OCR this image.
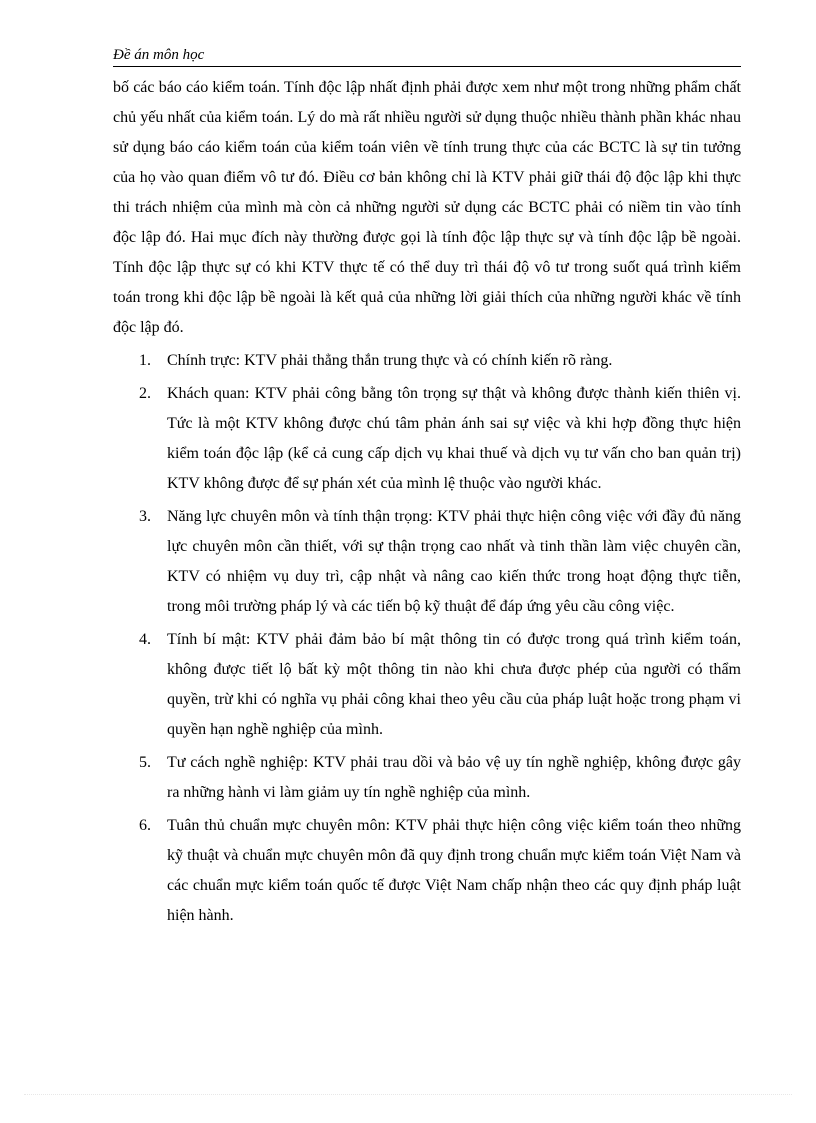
Đề án môn học

bố các báo cáo kiểm toán. Tính độc lập nhất định phải được xem như một trong những phẩm chất chủ yếu nhất của kiểm toán. Lý do mà rất nhiều người sử dụng thuộc nhiều thành phần khác nhau sử dụng báo cáo kiểm toán của kiểm toán viên về tính trung thực của các BCTC là sự tin tưởng của họ vào quan điểm vô tư đó. Điều cơ bản không chỉ là KTV phải giữ thái độ độc lập khi thực thi trách nhiệm của mình mà còn cả những người sử dụng các BCTC phải có niềm tin vào tính độc lập đó. Hai mục đích này thường được gọi là tính độc lập thực sự và tính độc lập bề ngoài. Tính độc lập thực sự có khi KTV thực tế có thể duy trì thái độ vô tư trong suốt quá trình kiểm toán trong khi độc lập bề ngoài là kết quả của những lời giải thích của những người khác về tính độc lập đó.

1.	Chính trực: KTV phải thẳng thắn trung thực và có chính kiến rõ ràng.
2.	Khách quan: KTV phải công bằng tôn trọng sự thật và không được thành kiến thiên vị. Tức là một KTV không được chú tâm phản ánh sai sự việc và khi hợp đồng thực hiện kiểm toán độc lập (kể cả cung cấp dịch vụ khai thuế và dịch vụ tư vấn cho ban quản trị) KTV không được để sự phán xét của mình lệ thuộc vào người khác.
3.	Năng lực chuyên môn và tính thận trọng: KTV phải thực hiện công việc với đầy đủ năng lực chuyên môn cần thiết, với sự thận trọng cao nhất và tinh thần làm việc chuyên cần, KTV có nhiệm vụ duy trì, cập nhật và nâng cao kiến thức trong hoạt động thực tiễn, trong môi trường pháp lý và các tiến bộ kỹ thuật để đáp ứng yêu cầu công việc.
4.	Tính bí mật: KTV phải đảm bảo bí mật thông tin có được trong quá trình kiểm toán, không được tiết lộ bất kỳ một thông tin nào khi chưa được phép của người có thẩm quyền, trừ khi có nghĩa vụ phải công khai theo yêu cầu của pháp luật hoặc trong phạm vi quyền hạn nghề nghiệp của mình.
5.	Tư cách nghề nghiệp: KTV phải trau dồi và bảo vệ uy tín nghề nghiệp, không được gây ra những hành vi làm giảm uy tín nghề nghiệp của mình.
6.	Tuân thủ chuẩn mực chuyên môn: KTV phải thực hiện công việc kiểm toán theo những kỹ thuật và chuẩn mực chuyên môn đã quy định trong chuẩn mực kiểm toán Việt Nam và các chuẩn mực kiểm toán quốc tế được Việt Nam chấp nhận theo các quy định pháp luật hiện hành.
